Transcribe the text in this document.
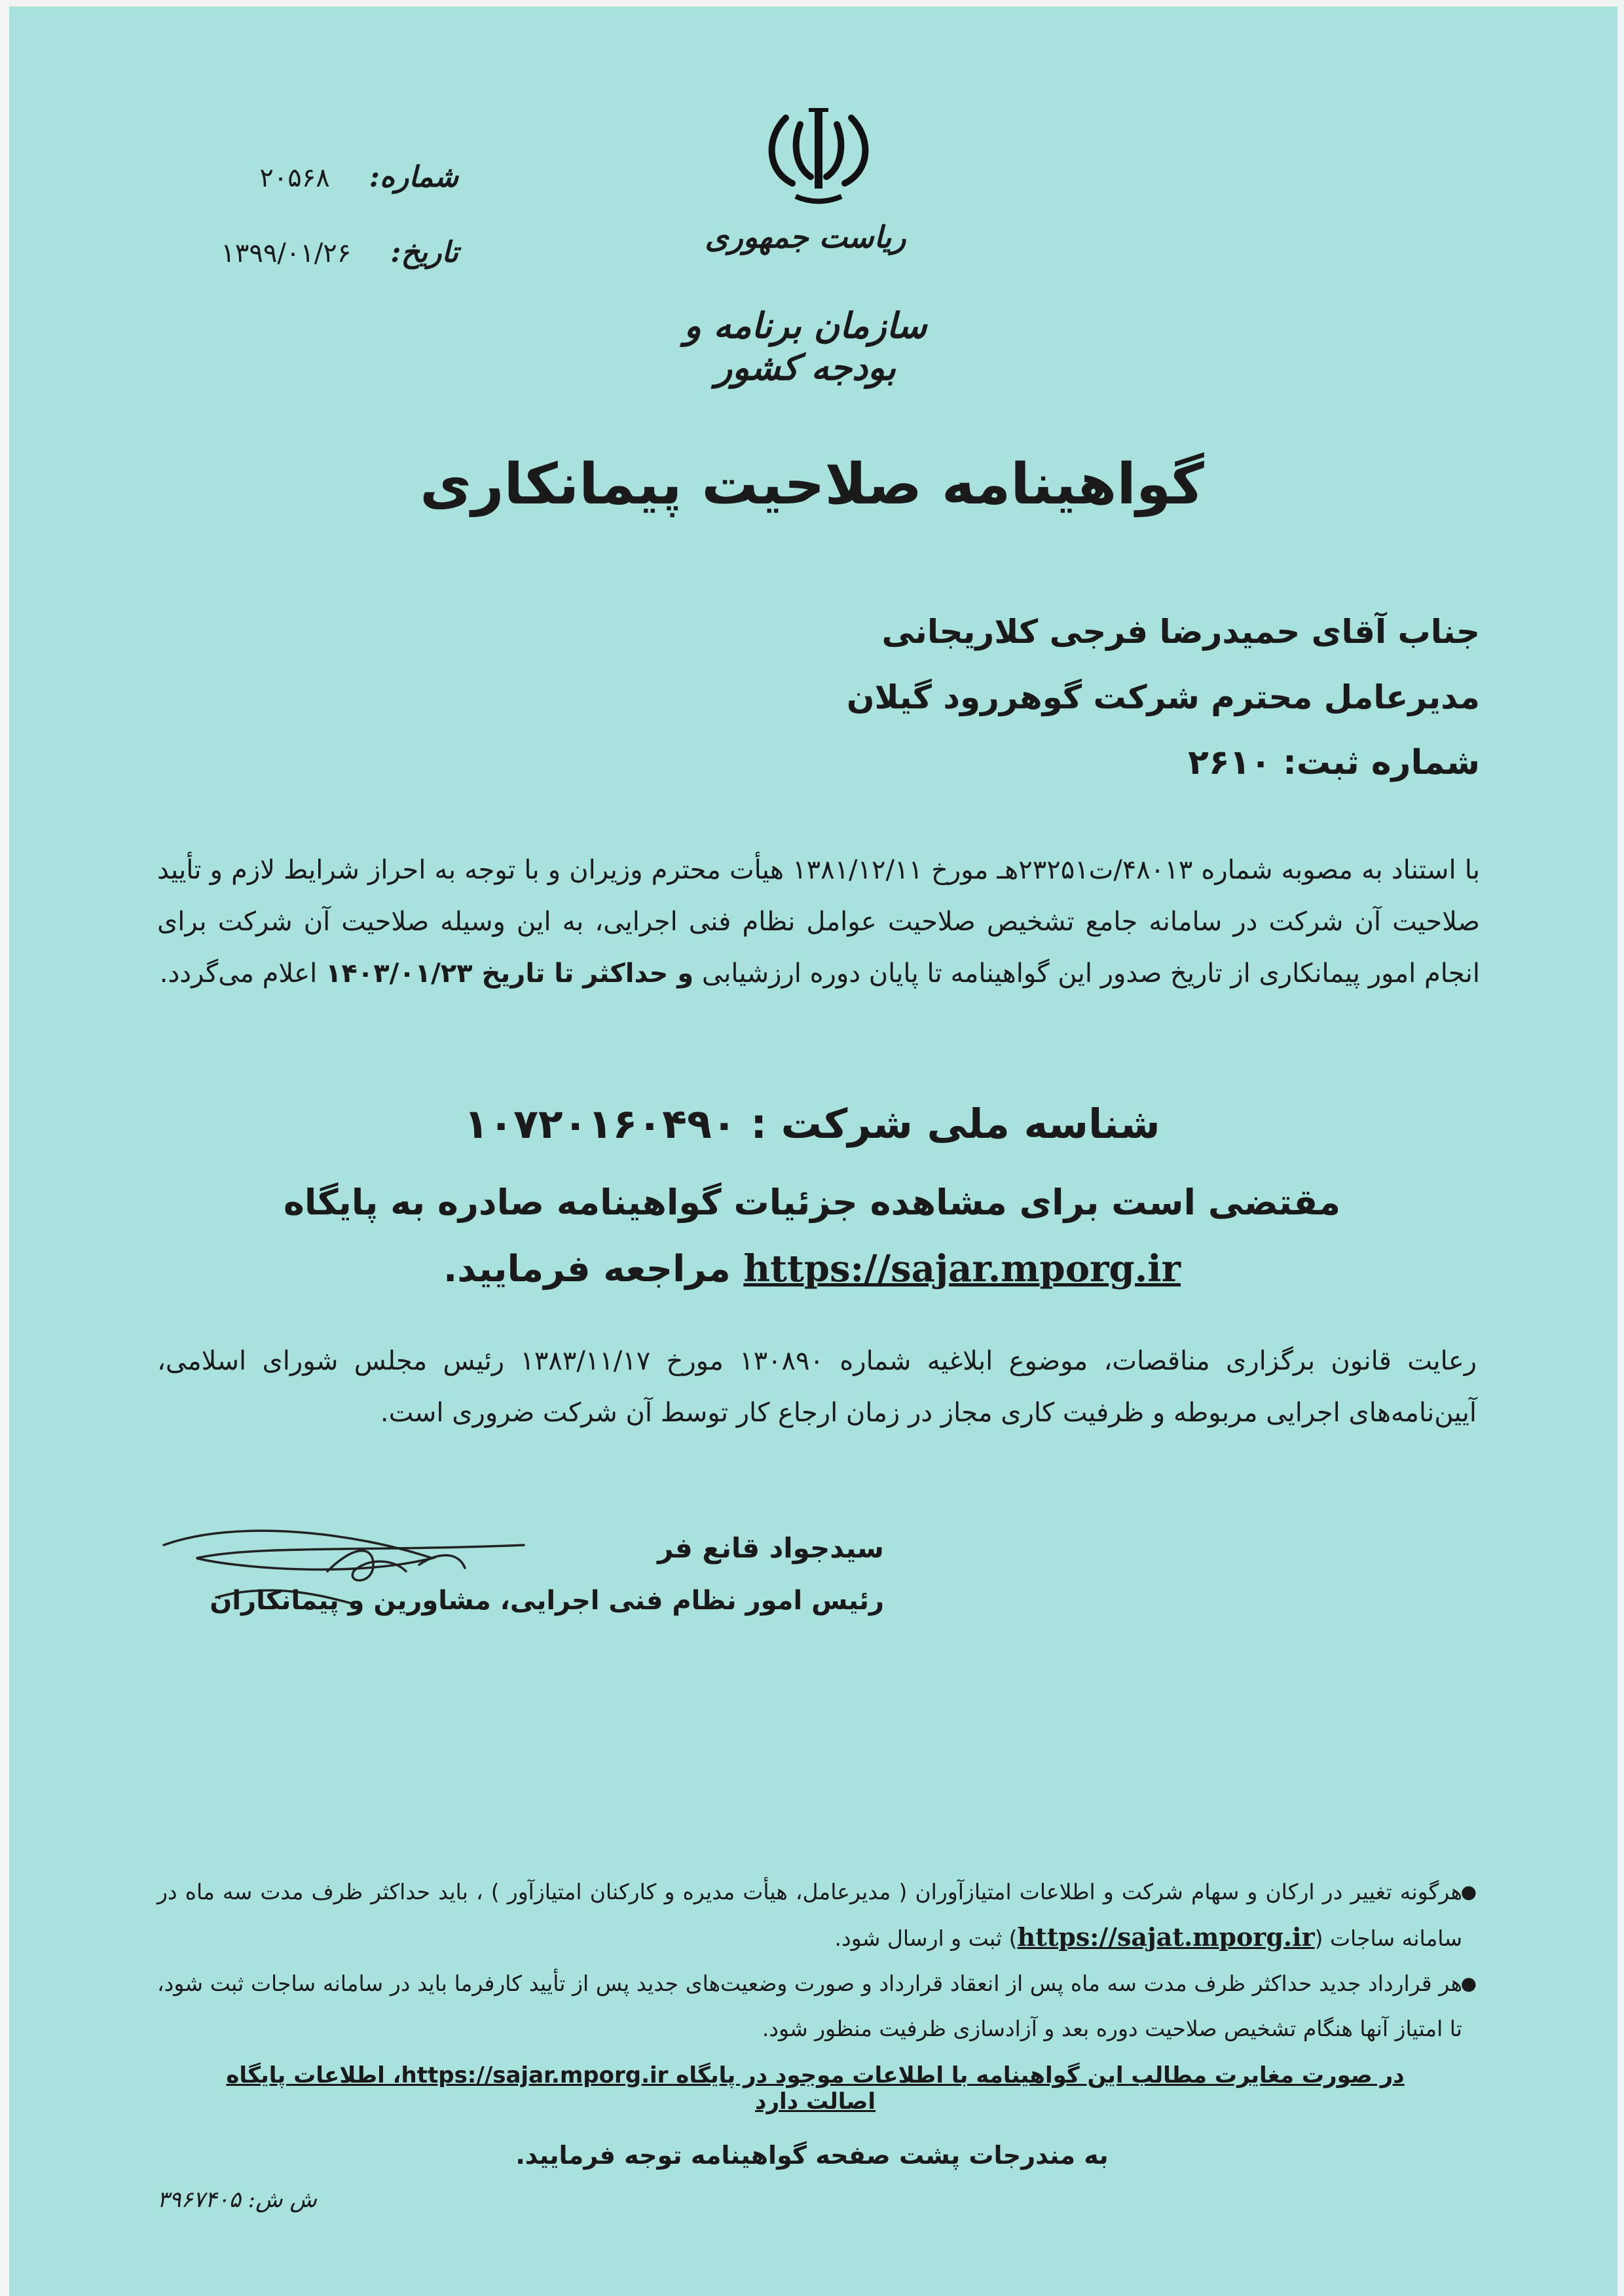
ریاست جمهوری
سازمان برنامه و بودجه کشور
شماره:
۲۰۵۶۸
تاریخ:
۱۳۹۹/۰۱/۲۶
گواهینامه صلاحیت پیمانکاری
جناب آقای حمیدرضا فرجی کلاریجانی
مدیرعامل محترم شرکت گوهررود گیلان
شماره ثبت: ۲۶۱۰
با استناد به مصوبه شماره ۴۸۰۱۳/ت۲۳۲۵۱هـ مورخ ۱۳۸۱/۱۲/۱۱ هیأت محترم وزیران و با توجه به احراز شرایط لازم و تأیید صلاحیت آن شرکت در سامانه جامع تشخیص صلاحیت عوامل نظام فنی اجرایی، به این وسیله صلاحیت آن شرکت برای انجام امور پیمانکاری از تاریخ صدور این گواهینامه تا پایان دوره ارزشیابی و حداکثر تا تاریخ ۱۴۰۳/۰۱/۲۳ اعلام می‌گردد.
شناسه ملی شرکت : ۱۰۷۲۰۱۶۰۴۹۰
مقتضی است برای مشاهده جزئیات گواهینامه صادره به پایگاه
https://sajar.mporg.ir مراجعه فرمایید.
رعایت قانون برگزاری مناقصات، موضوع ابلاغیه شماره ۱۳۰۸۹۰ مورخ ۱۳۸۳/۱۱/۱۷ رئیس مجلس شورای اسلامی، آیین‌نامه‌های اجرایی مربوطه و ظرفیت کاری مجاز در زمان ارجاع کار توسط آن شرکت ضروری است.
سیدجواد قانع فر
رئیس امور نظام فنی اجرایی، مشاورین و پیمانکاران
●
هرگونه تغییر در ارکان و سهام شرکت و اطلاعات امتیازآوران ( مدیرعامل، هیأت مدیره و کارکنان امتیازآور ) ، باید حداکثر ظرف مدت سه ماه در سامانه ساجات (https://sajat.mporg.ir) ثبت و ارسال شود.
●
هر قرارداد جدید حداکثر ظرف مدت سه ماه پس از انعقاد قرارداد و صورت وضعیت‌های جدید پس از تأیید کارفرما باید در سامانه ساجات ثبت شود، تا امتیاز آنها هنگام تشخیص صلاحیت دوره بعد و آزادسازی ظرفیت منظور شود.
در صورت مغایرت مطالب این گواهینامه با اطلاعات موجود در پایگاه https://sajar.mporg.ir، اطلاعات پایگاه اصالت دارد
به مندرجات پشت صفحه گواهینامه توجه فرمایید.
ش ش: ۳۹۶۷۴۰۵
